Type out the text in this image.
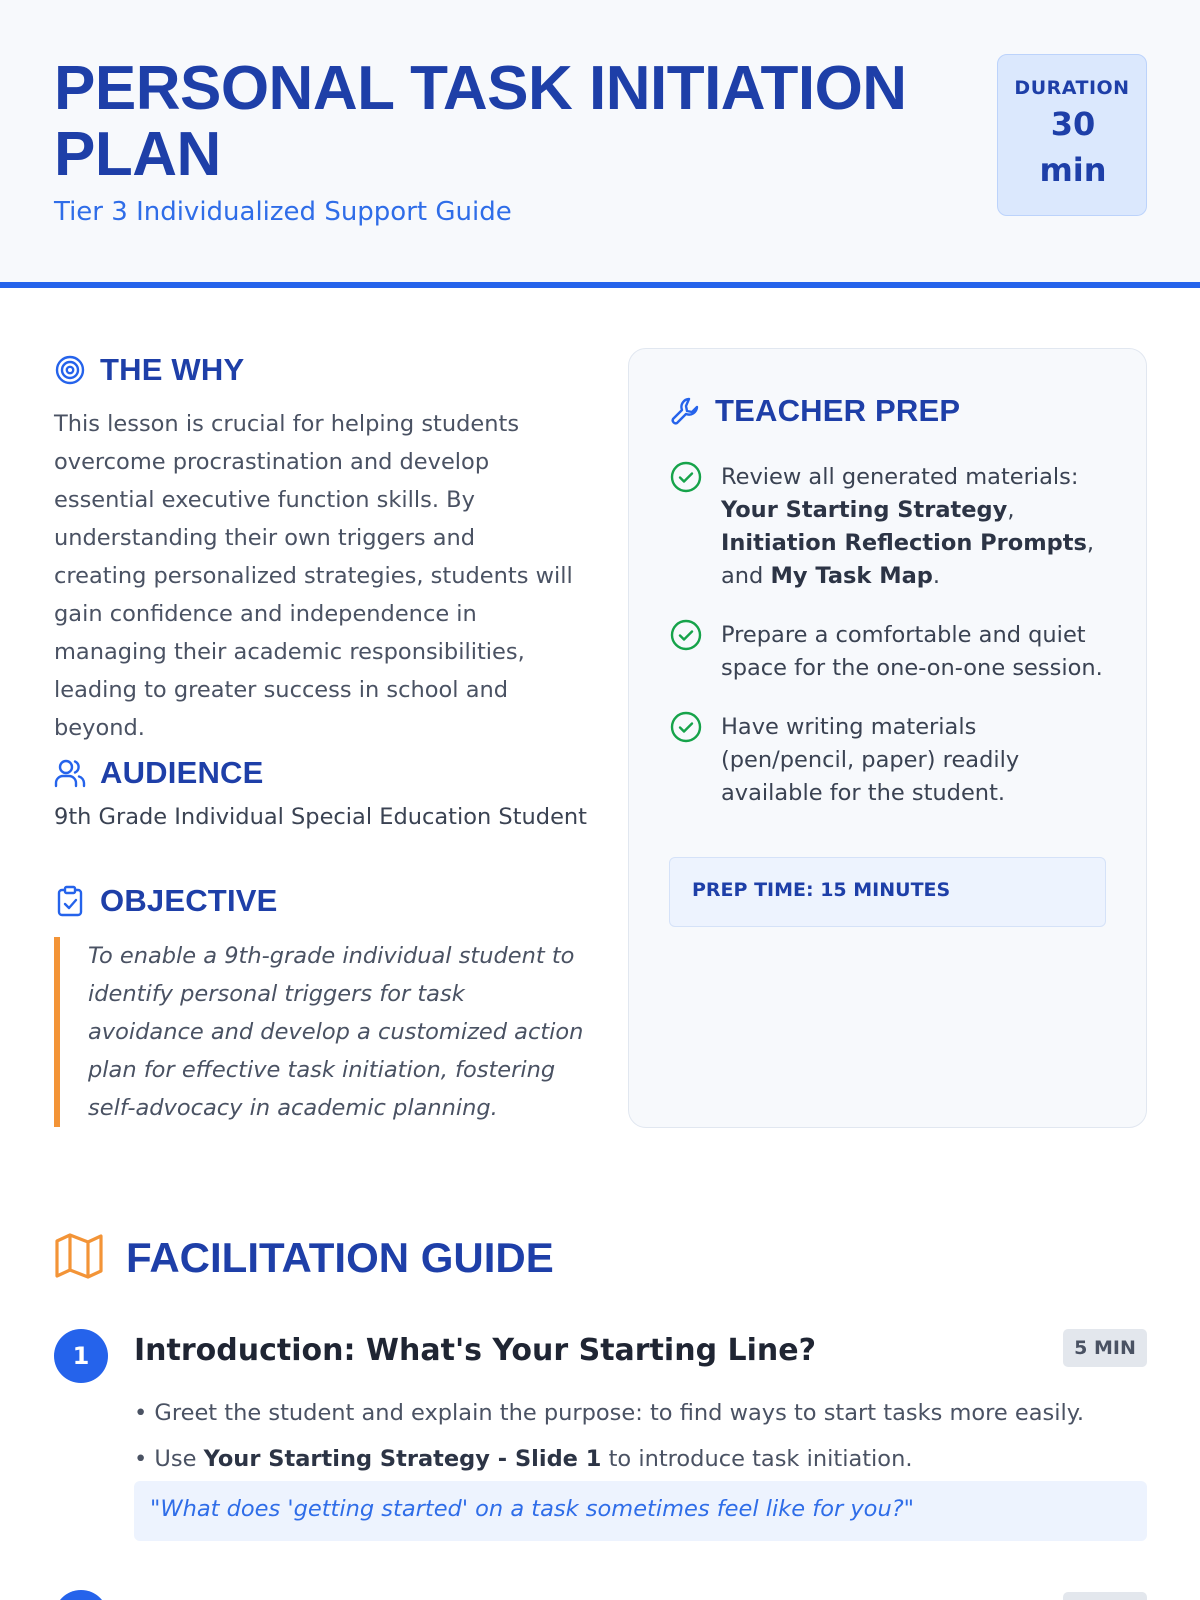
PERSONAL TASK INITIATION PLAN
Tier 3 Individualized Support Guide
DURATION
30 min
THE WHY
This lesson is crucial for helping students overcome procrastination and develop essential executive function skills. By understanding their own triggers and creating personalized strategies, students will gain confidence and independence in managing their academic responsibilities, leading to greater success in school and beyond.
AUDIENCE
9th Grade Individual Special Education Student
OBJECTIVE
To enable a 9th-grade individual student to identify personal triggers for task avoidance and develop a customized action plan for effective task initiation, fostering self-advocacy in academic planning.
TEACHER PREP
Review all generated materials: Your Starting Strategy, Initiation Reflection Prompts, and My Task Map.
Prepare a comfortable and quiet space for the one-on-one session.
Have writing materials (pen/pencil, paper) readily available for the student.
PREP TIME: 15 MINUTES
FACILITATION GUIDE
1	Introduction: What's Your Starting Line?	5 MIN
• Greet the student and explain the purpose: to find ways to start tasks more easily.
• Use Your Starting Strategy - Slide 1 to introduce task initiation.
"What does 'getting started' on a task sometimes feel like for you?"
